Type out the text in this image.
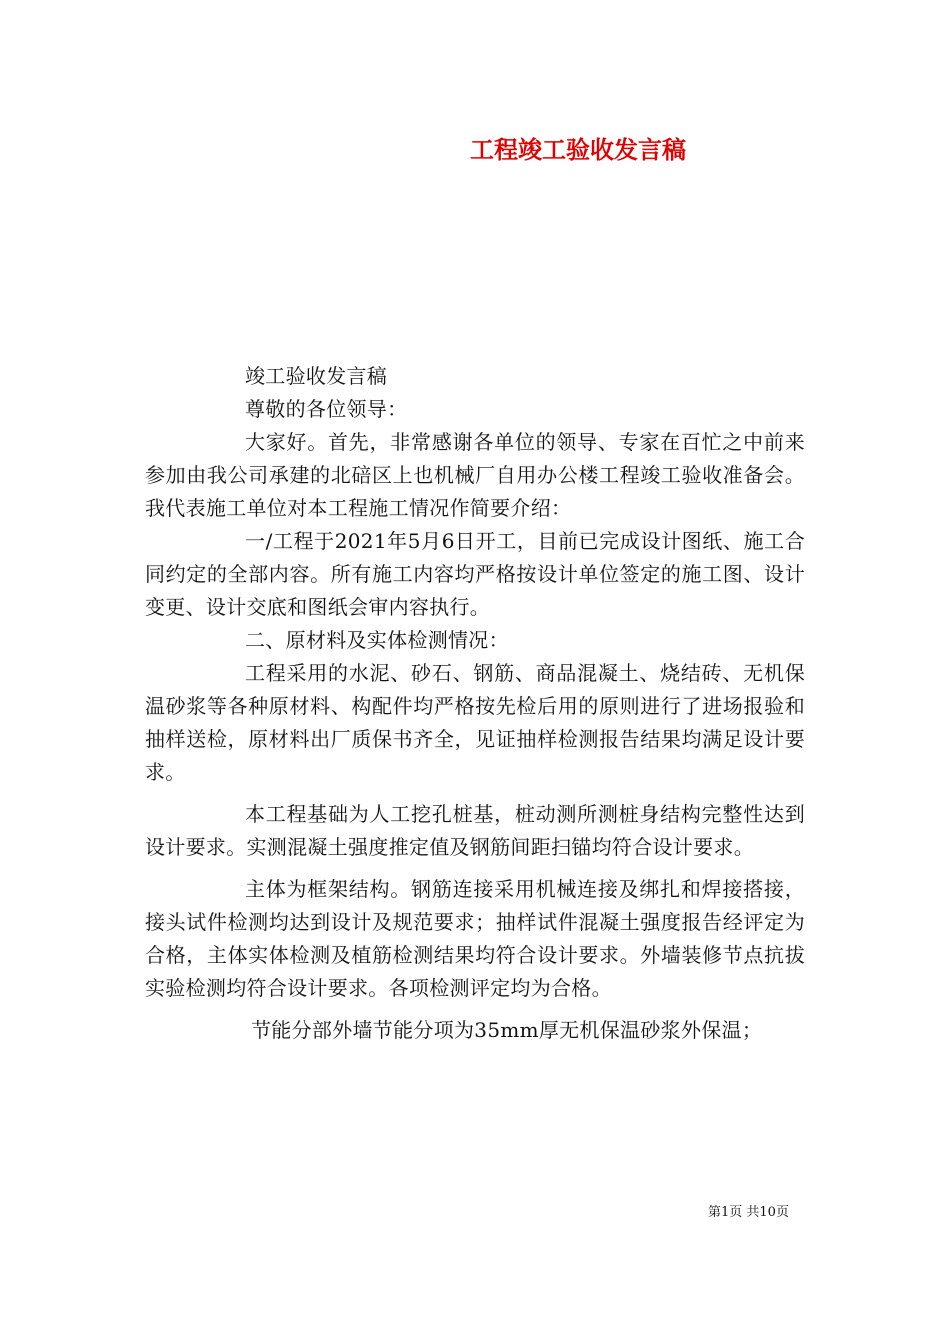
工程竣工验收发言稿

竣工验收发言稿

尊敬的各位领导：

大家好。首先，非常感谢各单位的领导、专家在百忙之中前来参加由我公司承建的北碚区上也机械厂自用办公楼工程竣工验收准备会。我代表施工单位对本工程施工情况作简要介绍：

一/工程于2021年5月6日开工，目前已完成设计图纸、施工合同约定的全部内容。所有施工内容均严格按设计单位签定的施工图、设计变更、设计交底和图纸会审内容执行。

二、原材料及实体检测情况：

工程采用的水泥、砂石、钢筋、商品混凝土、烧结砖、无机保温砂浆等各种原材料、构配件均严格按先检后用的原则进行了进场报验和抽样送检，原材料出厂质保书齐全，见证抽样检测报告结果均满足设计要求。

本工程基础为人工挖孔桩基，桩动测所测桩身结构完整性达到设计要求。实测混凝土强度推定值及钢筋间距扫锚均符合设计要求。

主体为框架结构。钢筋连接采用机械连接及绑扎和焊接搭接，接头试件检测均达到设计及规范要求；抽样试件混凝土强度报告经评定为合格，主体实体检测及植筋检测结果均符合设计要求。外墙装修节点抗拔实验检测均符合设计要求。各项检测评定均为合格。

节能分部外墙节能分项为35mm厚无机保温砂浆外保温；

第1页 共10页
